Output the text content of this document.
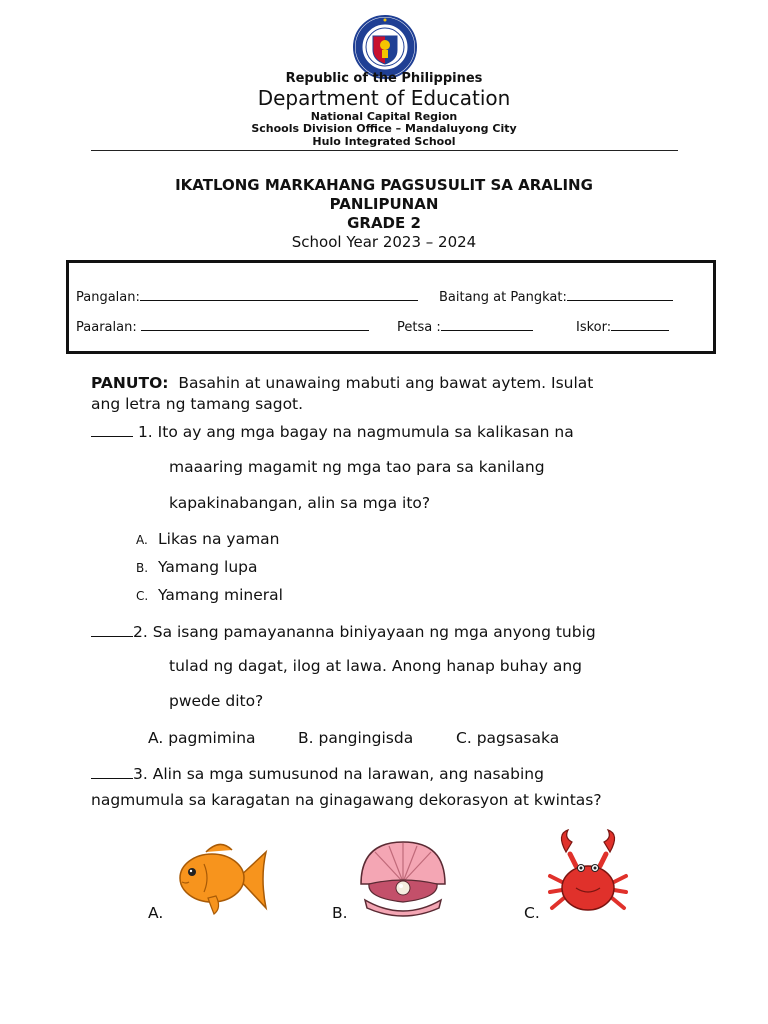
Republic of the Philippines
Department of Education
National Capital Region
Schools Division Office – Mandaluyong City
Hulo Integrated School
IKATLONG MARKAHANG PAGSUSULIT SA ARALING
PANLIPUNAN
GRADE 2
School Year 2023 – 2024
Pangalan:	Baitang at Pangkat:
Paaralan:	Petsa :	Iskor:
PANUTO: Basahin at unawaing mabuti ang bawat aytem. Isulat
ang letra ng tamang sagot.
1. Ito ay ang mga bagay na nagmumula sa kalikasan na
maaaring magamit ng mga tao para sa kanilang
kapakinabangan, alin sa mga ito?
A. Likas na yaman
B. Yamang lupa
C. Yamang mineral
2. Sa isang pamayananna biniyayaan ng mga anyong tubig
tulad ng dagat, ilog at lawa. Anong hanap buhay ang
pwede dito?
A. pagmimina	B. pangingisda	C. pagsasaka
3. Alin sa mga sumusunod na larawan, ang nasabing
nagmumula sa karagatan na ginagawang dekorasyon at kwintas?
A.	B.	C.
